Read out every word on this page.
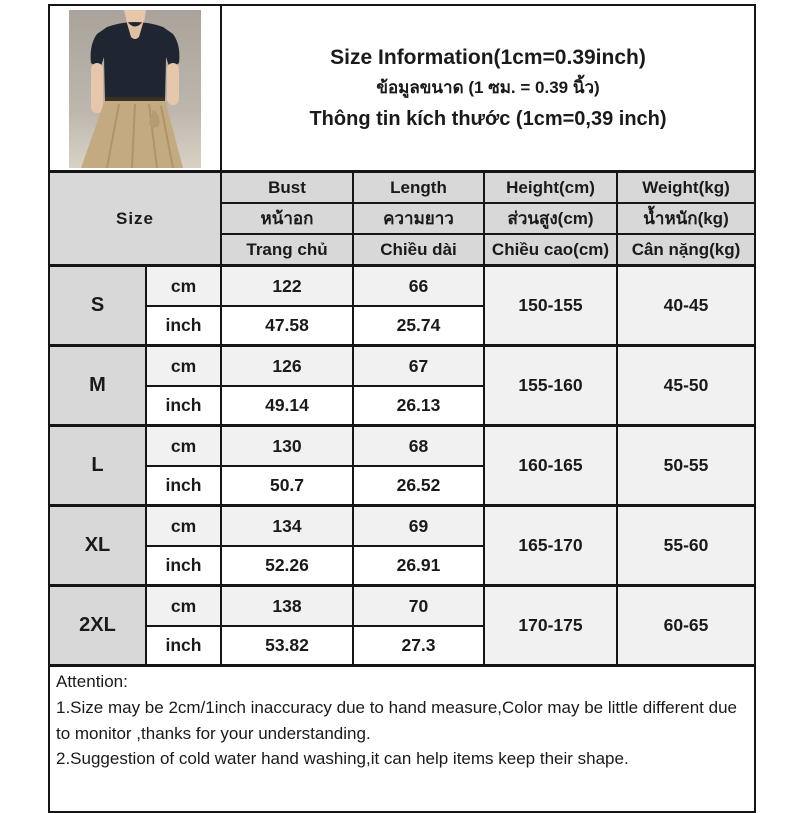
Size Information(1cm=0.39inch)
ข้อมูลขนาด (1 ซม. = 0.39 นิ้ว)
Thông tin kích thước (1cm=0,39 inch)			

Size		Bust	Length	Height(cm)	Weight(kg)
		หน้าอก	ความยาว	ส่วนสูง(cm)	น้ำหนัก(kg)
		Trang chủ	Chiều dài	Chiều cao(cm)	Cân nặng(kg)
S	cm	122	66	150-155	40-45
	inch	47.58	25.74		
M	cm	126	67	155-160	45-50
	inch	49.14	26.13		
L	cm	130	68	160-165	50-55
	inch	50.7	26.52		
XL	cm	134	69	165-170	55-60
	inch	52.26	26.91		
2XL	cm	138	70	170-175	60-65
	inch	53.82	27.3		

Attention:
1.Size may be 2cm/1inch inaccuracy due to hand measure,Color may be little different due to monitor ,thanks for your understanding.
2.Suggestion of cold water hand washing,it can help items keep their shape.					
